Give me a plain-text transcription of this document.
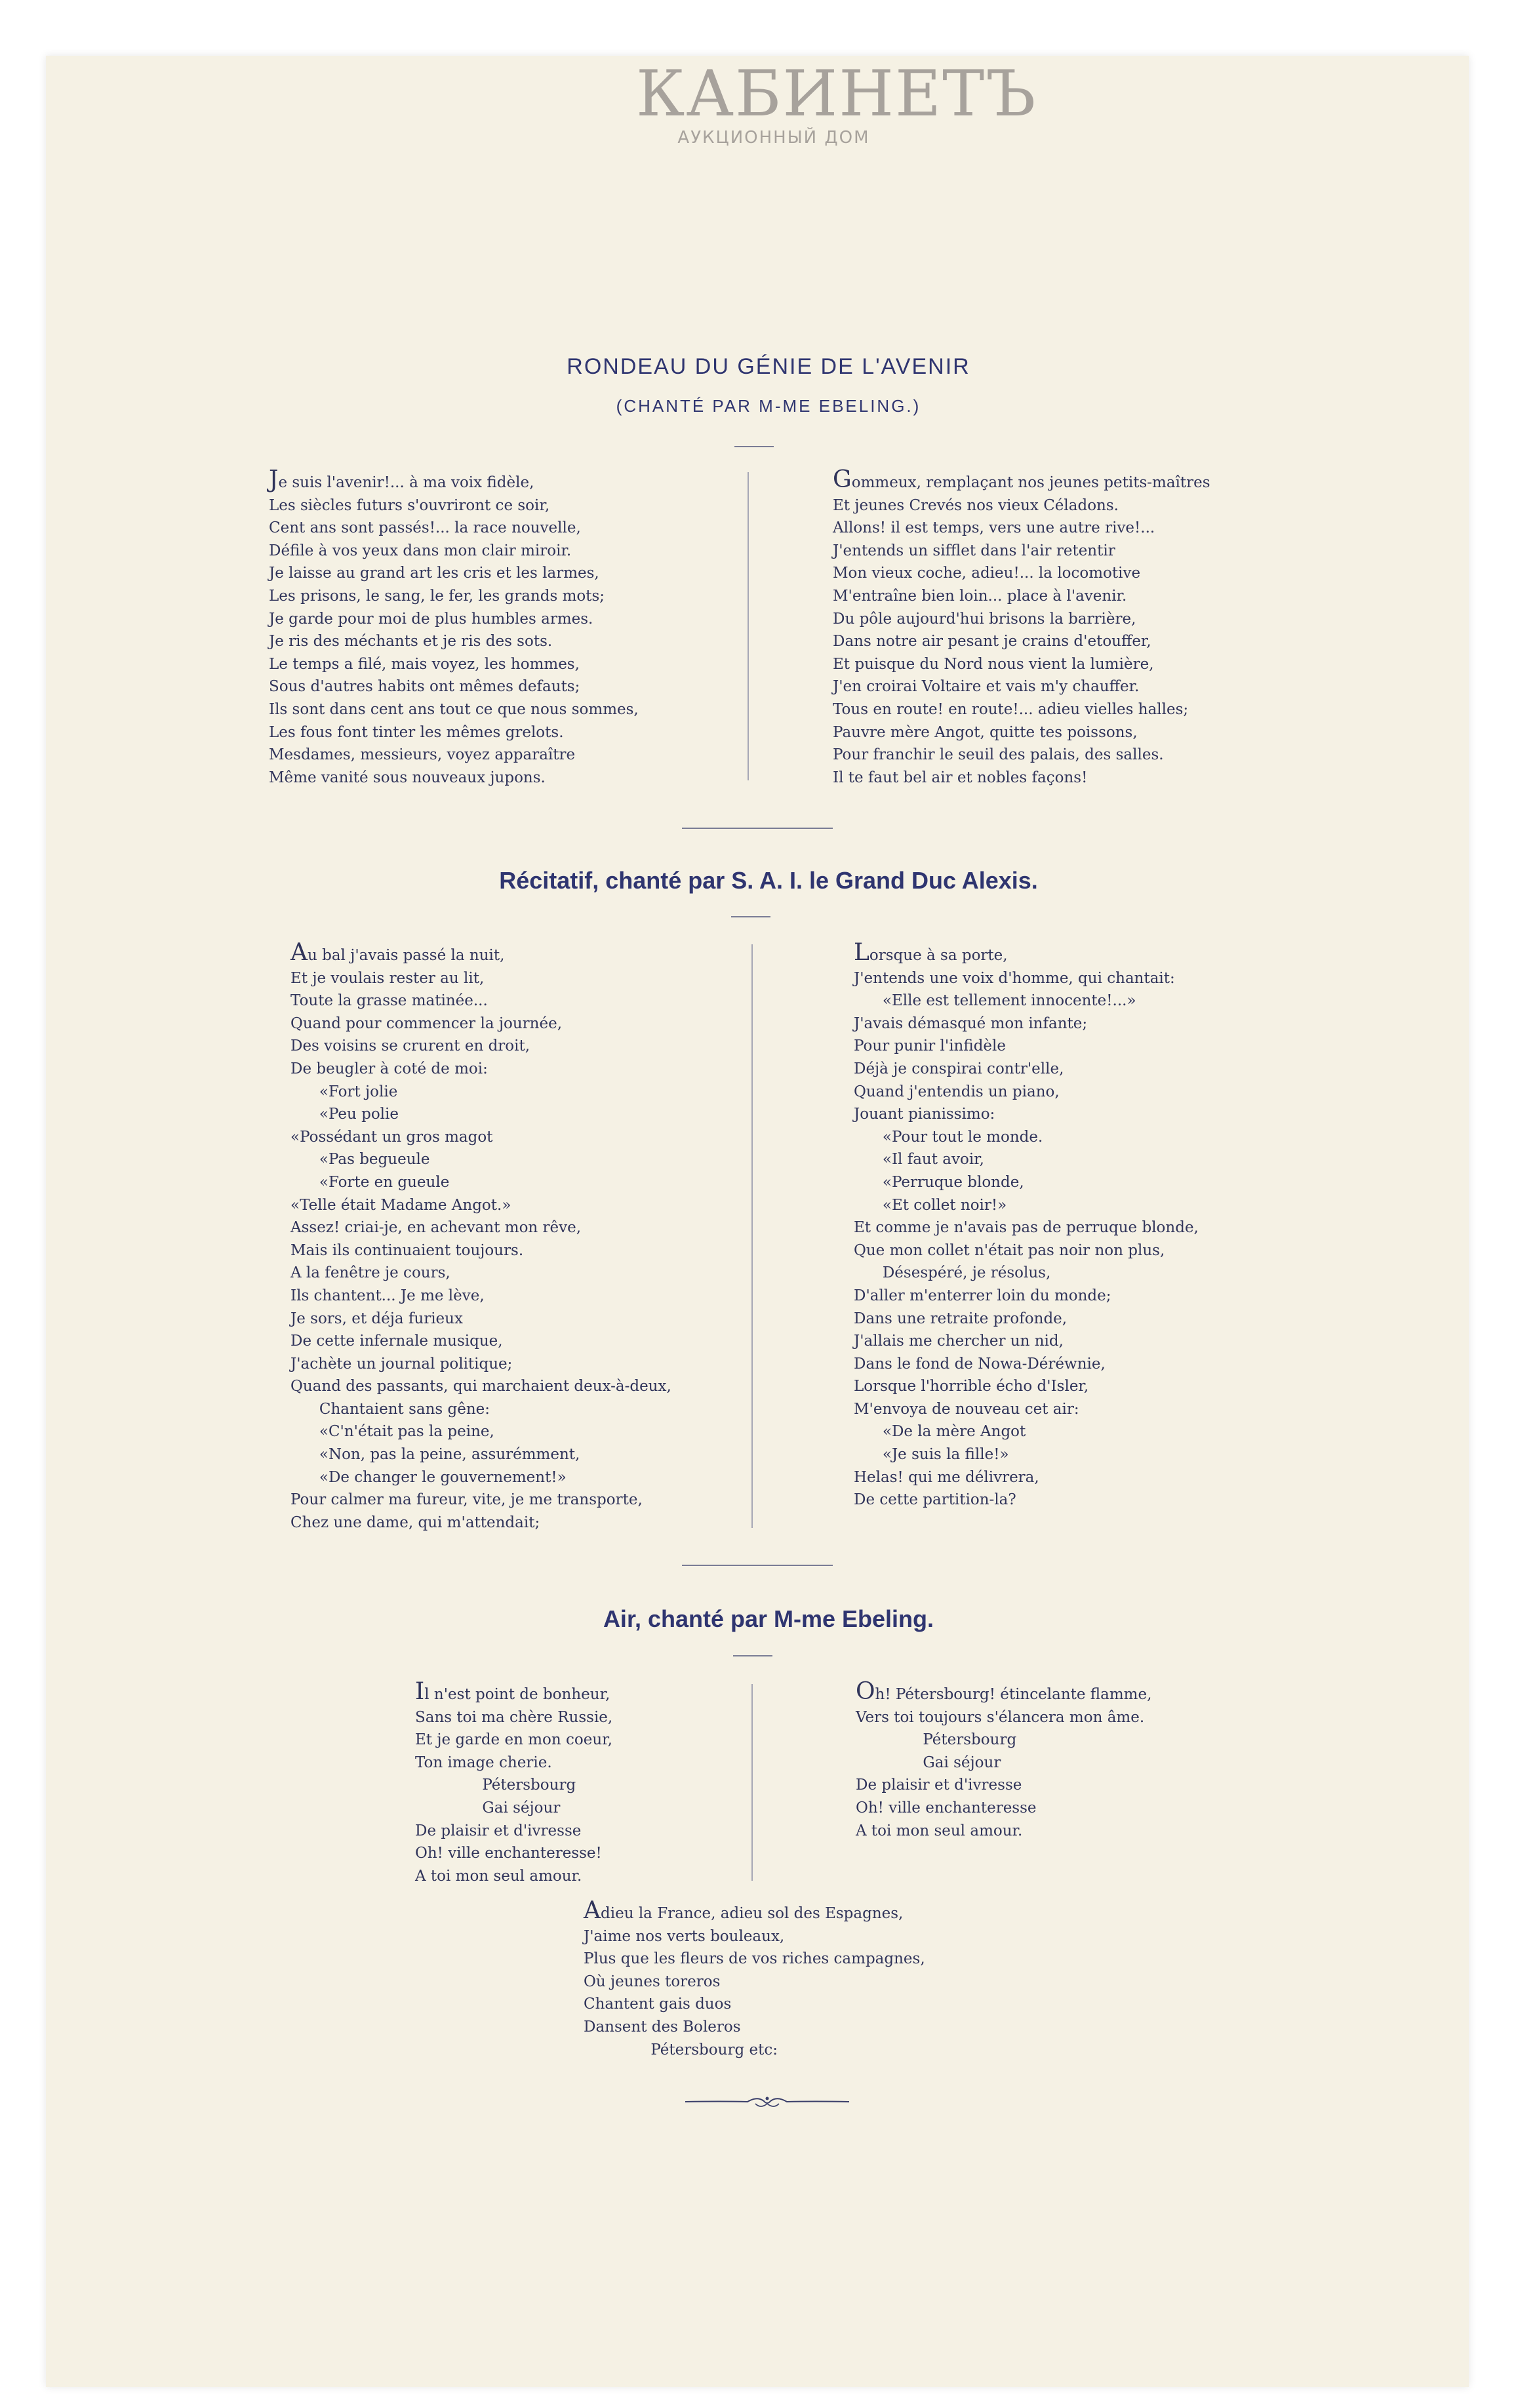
КАБИНЕТЪ
АУКЦИОННЫЙ ДОМ
RONDEAU DU GÉNIE DE L'AVENIR
(CHANTÉ PAR M-ME EBELING.)
Je suis l'avenir!... à ma voix fidèle,
Les siècles futurs s'ouvriront ce soir,
Cent ans sont passés!... la race nouvelle,
Défile à vos yeux dans mon clair miroir.
Je laisse au grand art les cris et les larmes,
Les prisons, le sang, le fer, les grands mots;
Je garde pour moi de plus humbles armes.
Je ris des méchants et je ris des sots.
Le temps a filé, mais voyez, les hommes,
Sous d'autres habits ont mêmes defauts;
Ils sont dans cent ans tout ce que nous sommes,
Les fous font tinter les mêmes grelots.
Mesdames, messieurs, voyez apparaître
Même vanité sous nouveaux jupons.
Gommeux, remplaçant nos jeunes petits-maîtres
Et jeunes Crevés nos vieux Céladons.
Allons! il est temps, vers une autre rive!...
J'entends un sifflet dans l'air retentir
Mon vieux coche, adieu!... la locomotive
M'entraîne bien loin... place à l'avenir.
Du pôle aujourd'hui brisons la barrière,
Dans notre air pesant je crains d'etouffer,
Et puisque du Nord nous vient la lumière,
J'en croirai Voltaire et vais m'y chauffer.
Tous en route! en route!... adieu vielles halles;
Pauvre mère Angot, quitte tes poissons,
Pour franchir le seuil des palais, des salles.
Il te faut bel air et nobles façons!
Récitatif, chanté par S. A. I. le Grand Duc Alexis.
Au bal j'avais passé la nuit,
Et je voulais rester au lit,
Toute la grasse matinée...
Quand pour commencer la journée,
Des voisins se crurent en droit,
De beugler à coté de moi:
«Fort jolie
«Peu polie
«Possédant un gros magot
«Pas begueule
«Forte en gueule
«Telle était Madame Angot.»
Assez! criai-je, en achevant mon rêve,
Mais ils continuaient toujours.
A la fenêtre je cours,
Ils chantent... Je me lève,
Je sors, et déja furieux
De cette infernale musique,
J'achète un journal politique;
Quand des passants, qui marchaient deux-à-deux,
Chantaient sans gêne:
«C'n'était pas la peine,
«Non, pas la peine, assurémment,
«De changer le gouvernement!»
Pour calmer ma fureur, vite, je me transporte,
Chez une dame, qui m'attendait;
Lorsque à sa porte,
J'entends une voix d'homme, qui chantait:
«Elle est tellement innocente!...»
J'avais démasqué mon infante;
Pour punir l'infidèle
Déjà je conspirai contr'elle,
Quand j'entendis un piano,
Jouant pianissimo:
«Pour tout le monde.
«Il faut avoir,
«Perruque blonde,
«Et collet noir!»
Et comme je n'avais pas de perruque blonde,
Que mon collet n'était pas noir non plus,
Désespéré, je résolus,
D'aller m'enterrer loin du monde;
Dans une retraite profonde,
J'allais me chercher un nid,
Dans le fond de Nowa-Déréwnie,
Lorsque l'horrible écho d'Isler,
M'envoya de nouveau cet air:
«De la mère Angot
«Je suis la fille!»
Helas! qui me délivrera,
De cette partition-la?
Air, chanté par M-me Ebeling.
Il n'est point de bonheur,
Sans toi ma chère Russie,
Et je garde en mon coeur,
Ton image cherie.
Pétersbourg
Gai séjour
De plaisir et d'ivresse
Oh! ville enchanteresse!
A toi mon seul amour.
Oh! Pétersbourg! étincelante flamme,
Vers toi toujours s'élancera mon âme.
Pétersbourg
Gai séjour
De plaisir et d'ivresse
Oh! ville enchanteresse
A toi mon seul amour.
Adieu la France, adieu sol des Espagnes,
J'aime nos verts bouleaux,
Plus que les fleurs de vos riches campagnes,
Où jeunes toreros
Chantent gais duos
Dansent des Boleros
Pétersbourg etc:
